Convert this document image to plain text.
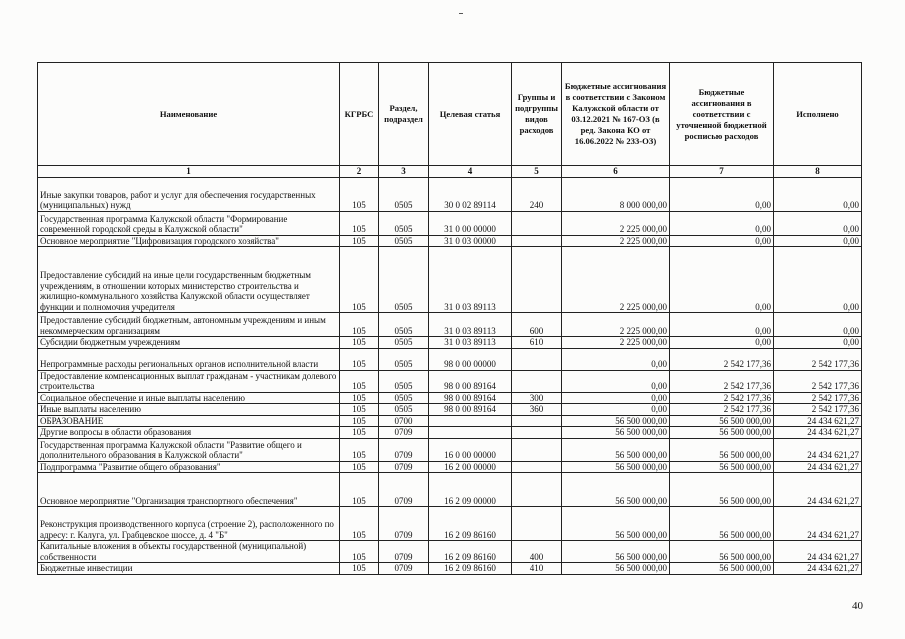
Наименование	КГРБС	Раздел, подраздел	Целевая статья	Группы и подгруппы видов расходов	Бюджетные ассигнования в соответствии с Законом Калужской области от 03.12.2021 № 167-ОЗ (в ред. Закона КО от 16.06.2022 № 233-ОЗ)	Бюджетные ассигнования в соответствии с уточненной бюджетной росписью расходов	Исполнено
1	2	3	4	5	6	7	8
Иные закупки товаров, работ и услуг для обеспечения государственных (муниципальных) нужд	105	0505	30 0 02 89114	240	8 000 000,00	0,00	0,00
Государственная программа Калужской области "Формирование современной городской среды в Калужской области"	105	0505	31 0 00 00000		2 225 000,00	0,00	0,00
Основное мероприятие "Цифровизация городского хозяйства"	105	0505	31 0 03 00000		2 225 000,00	0,00	0,00
Предоставление субсидий на иные цели государственным бюджетным учреждениям, в отношении которых министерство строительства и жилищно-коммунального хозяйства Калужской области осуществляет функции и полномочия учредителя	105	0505	31 0 03 89113		2 225 000,00	0,00	0,00
Предоставление субсидий бюджетным, автономным учреждениям и иным некоммерческим организациям	105	0505	31 0 03 89113	600	2 225 000,00	0,00	0,00
Субсидии бюджетным учреждениям	105	0505	31 0 03 89113	610	2 225 000,00	0,00	0,00
Непрограммные расходы региональных органов исполнительной власти	105	0505	98 0 00 00000		0,00	2 542 177,36	2 542 177,36
Предоставление компенсационных выплат гражданам - участникам долевого строительства	105	0505	98 0 00 89164		0,00	2 542 177,36	2 542 177,36
Социальное обеспечение и иные выплаты населению	105	0505	98 0 00 89164	300	0,00	2 542 177,36	2 542 177,36
Иные выплаты населению	105	0505	98 0 00 89164	360	0,00	2 542 177,36	2 542 177,36
ОБРАЗОВАНИЕ	105	0700			56 500 000,00	56 500 000,00	24 434 621,27
Другие вопросы в области образования	105	0709			56 500 000,00	56 500 000,00	24 434 621,27
Государственная программа Калужской области "Развитие общего и дополнительного образования в Калужской области"	105	0709	16 0 00 00000		56 500 000,00	56 500 000,00	24 434 621,27
Подпрограмма "Развитие общего образования"	105	0709	16 2 00 00000		56 500 000,00	56 500 000,00	24 434 621,27
Основное мероприятие "Организация транспортного обеспечения"	105	0709	16 2 09 00000		56 500 000,00	56 500 000,00	24 434 621,27
Реконструкция производственного корпуса (строение 2), расположенного по адресу: г. Калуга, ул. Грабцевское шоссе, д. 4 "Б"	105	0709	16 2 09 86160		56 500 000,00	56 500 000,00	24 434 621,27
Капитальные вложения в объекты государственной (муниципальной) собственности	105	0709	16 2 09 86160	400	56 500 000,00	56 500 000,00	24 434 621,27
Бюджетные инвестиции	105	0709	16 2 09 86160	410	56 500 000,00	56 500 000,00	24 434 621,27
40
